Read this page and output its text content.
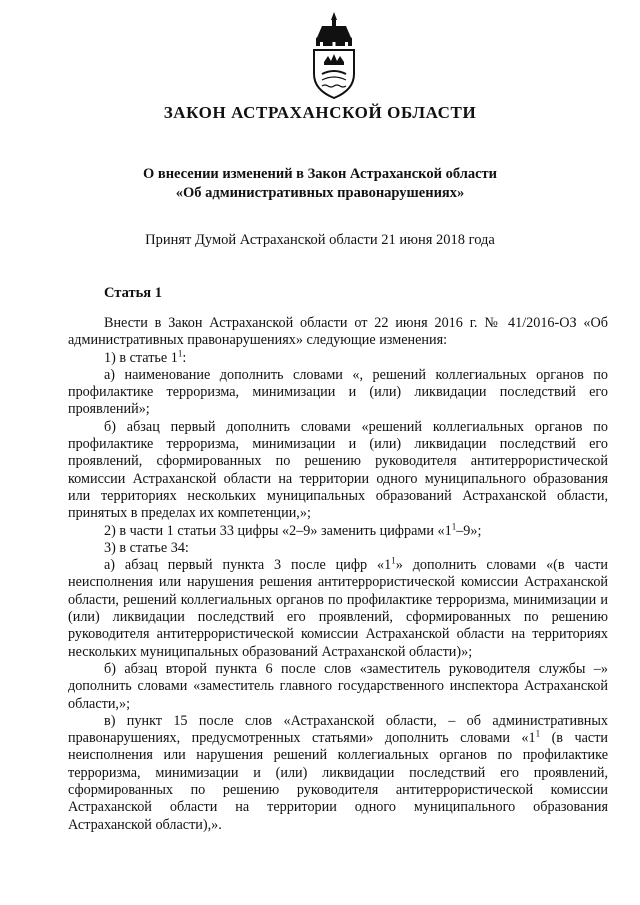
ЗАКОН АСТРАХАНСКОЙ ОБЛАСТИ
О внесении изменений в Закон Астраханской области
«Об административных правонарушениях»
Принят Думой Астраханской области 21 июня 2018 года
Статья 1

Внести в Закон Астраханской области от 22 июня 2016 г. № 41/2016-ОЗ «Об административных правонарушениях» следующие изменения:

1) в статье $1^1$:

а) наименование дополнить словами «, решений коллегиальных органов по профилактике терроризма, минимизации и (или) ликвидации последствий его проявлений»;

б) абзац первый дополнить словами «решений коллегиальных органов по профилактике терроризма, минимизации и (или) ликвидации последствий его проявлений, сформированных по решению руководителя антитеррористической комиссии Астраханской области на территории одного муниципального образования или территориях нескольких муниципальных образований Астраханской области, принятых в пределах их компетенции,»;

2) в части 1 статьи 33 цифры «2–9» заменить цифрами «$1^1-9$»;

3) в статье 34:

а) абзац первый пункта 3 после цифр «$1^1$» дополнить словами «(в части неисполнения или нарушения решения антитеррористической комиссии Астраханской области, решений коллегиальных органов по профилактике терроризма, минимизации и (или) ликвидации последствий его проявлений, сформированных по решению руководителя антитеррористической комиссии Астраханской области на территориях нескольких муниципальных образований Астраханской области)»;

б) абзац второй пункта 6 после слов «заместитель руководителя службы –» дополнить словами «заместитель главного государственного инспектора Астраханской области,»;

в) пункт 15 после слов «Астраханской области, – об административных правонарушениях, предусмотренных статьями» дополнить словами «$1^1$ (в части неисполнения или нарушения решений коллегиальных органов по профилактике терроризма, минимизации и (или) ликвидации последствий его проявлений, сформированных по решению руководителя антитеррористической комиссии Астраханской области на территории одного муниципального образования Астраханской области),».
